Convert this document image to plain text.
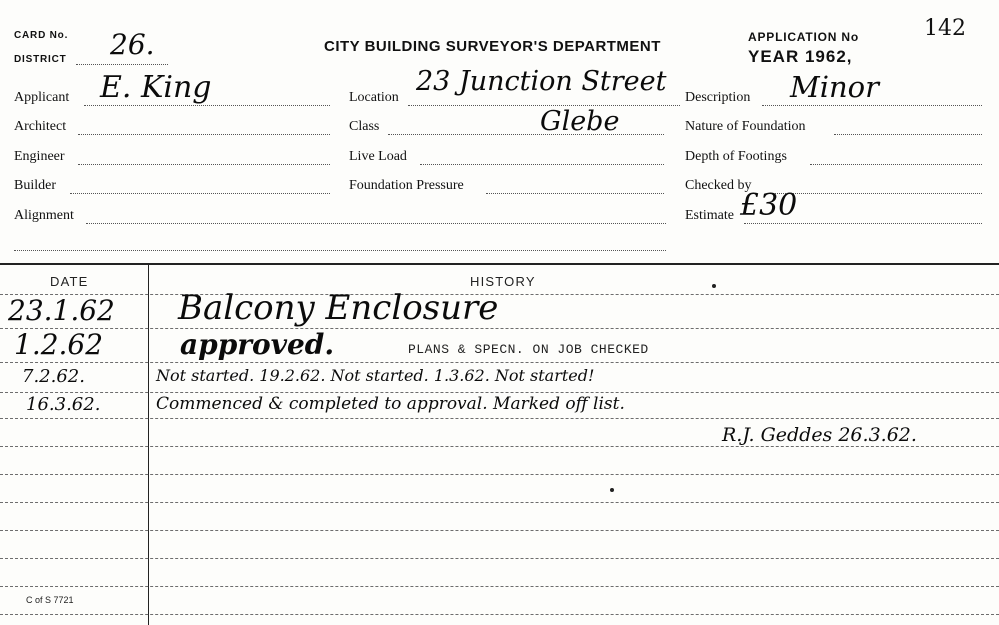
CARD No.
DISTRICT 26.	CITY BUILDING SURVEYOR'S DEPARTMENT
APPLICATION No
YEAR 1962,
142
Applicant E. King
Architect
Engineer
Builder
Alignment
Location
23 Junction Street
Class	Glebe
Live Load
Foundation Pressure
Description Minor
Nature of Foundation
Depth of Footings
Checked by
Estimate £30
DATE	HISTORY
23.1.62 Balcony Enclosure
1.2.62	approved.	PLANS & SPECN. ON JOB CHECKED
7.2.62.	Not started. 19.2.62. Not started. 1.3.62. Not started!
16.3.62.	Commenced & completed to approval. Marked off list.
R.J. Geddes 26.3.62.
C of S 7721
